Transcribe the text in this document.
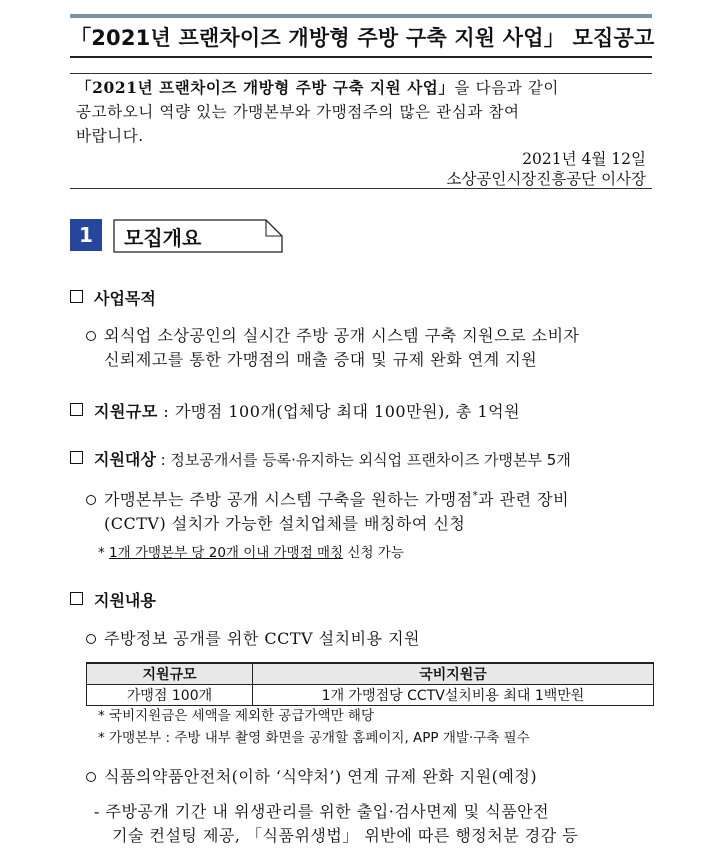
「2021년 프랜차이즈 개방형 주방 구축 지원 사업」 모집공고
「2021년 프랜차이즈 개방형 주방 구축 지원 사업」을 다음과 같이
공고하오니 역량 있는 가맹본부와 가맹점주의 많은 관심과 참여
바랍니다.
2021년 4월 12일
소상공인시장진흥공단 이사장
1	모집개요
사업목적
외식업 소상공인의 실시간 주방 공개 시스템 구축 지원으로 소비자
신뢰제고를 통한 가맹점의 매출 증대 및 규제 완화 연계 지원
지원규모 : 가맹점 100개(업체당 최대 100만원), 총 1억원
지원대상 : 정보공개서를 등록·유지하는 외식업 프랜차이즈 가맹본부 5개
가맹본부는 주방 공개 시스템 구축을 원하는 가맹점*과 관련 장비
(CCTV) 설치가 가능한 설치업체를 배칭하여 신청
* 1개 가맹본부 당 20개 이내 가맹점 매칭 신청 가능
지원내용
주방정보 공개를 위한 CCTV 설치비용 지원
지원규모	국비지원금
가맹점 100개	1개 가맹점당 CCTV설치비용 최대 1백만원
* 국비지원금은 세액을 제외한 공급가액만 해당
* 가맹본부 : 주방 내부 촬영 화면을 공개할 홈페이지, APP 개발·구축 필수
식품의약품안전처(이하 ‘식약처’) 연계 규제 완화 지원(예정)
- 주방공개 기간 내 위생관리를 위한 출입·검사면제 및 식품안전
기술 컨설팅 제공, 「식품위생법」 위반에 따른 행정처분 경감 등
